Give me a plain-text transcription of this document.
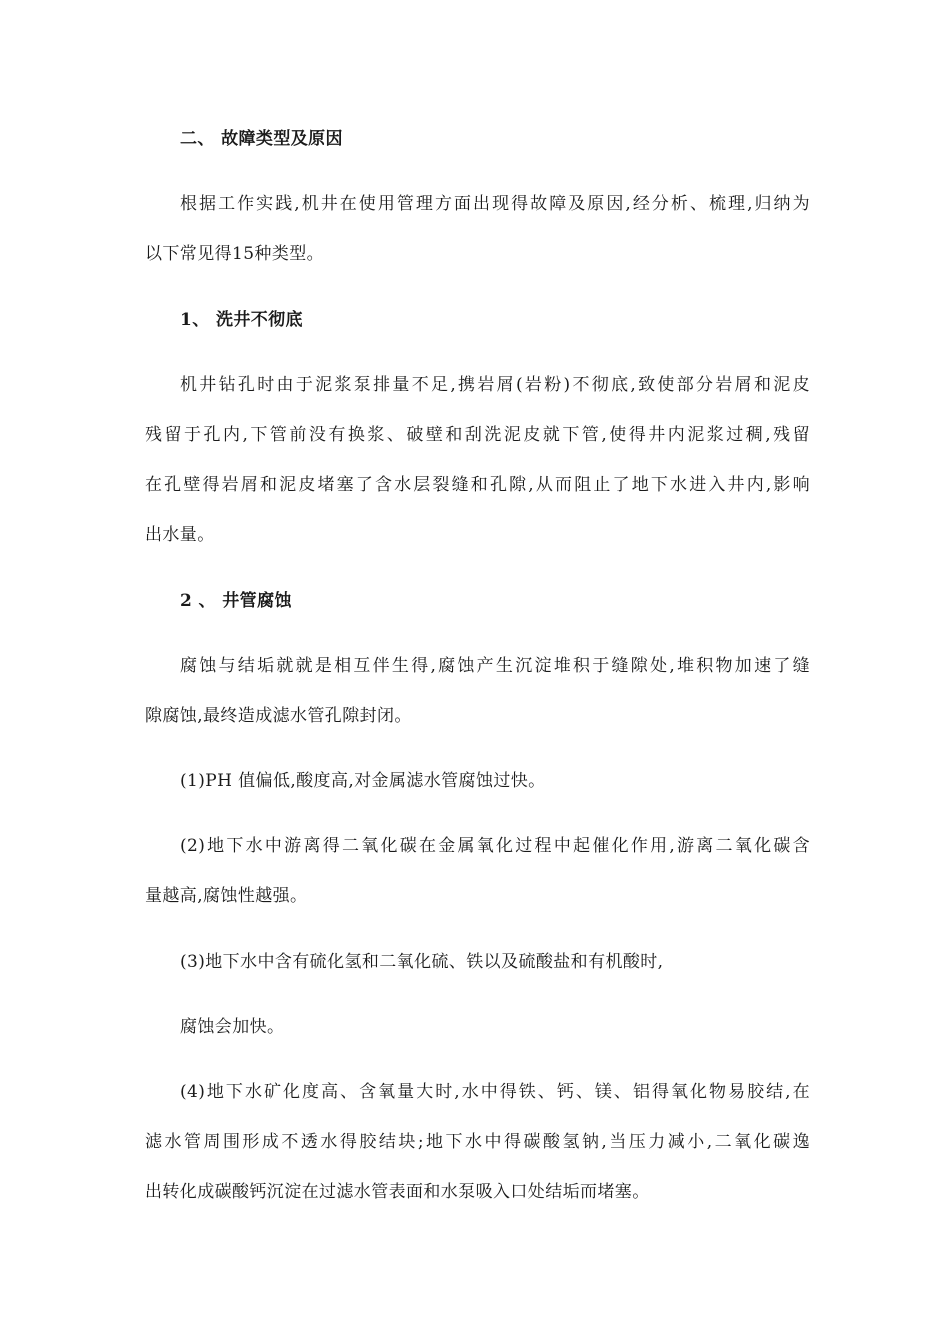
二、 故障类型及原因
根据工作实践,机井在使用管理方面出现得故障及原因,经分析、梳理,归纳为
以下常见得15种类型。
1、 洗井不彻底
机井钻孔时由于泥浆泵排量不足,携岩屑(岩粉)不彻底,致使部分岩屑和泥皮
残留于孔内,下管前没有换浆、破壁和刮洗泥皮就下管,使得井内泥浆过稠,残留
在孔壁得岩屑和泥皮堵塞了含水层裂缝和孔隙,从而阻止了地下水进入井内,影响
出水量。
2 、 井管腐蚀
腐蚀与结垢就就是相互伴生得,腐蚀产生沉淀堆积于缝隙处,堆积物加速了缝
隙腐蚀,最终造成滤水管孔隙封闭。
(1)PH 值偏低,酸度高,对金属滤水管腐蚀过快。
(2)地下水中游离得二氧化碳在金属氧化过程中起催化作用,游离二氧化碳含
量越高,腐蚀性越强。
(3)地下水中含有硫化氢和二氧化硫、铁以及硫酸盐和有机酸时,
腐蚀会加快。
(4)地下水矿化度高、含氧量大时,水中得铁、钙、镁、铝得氧化物易胶结,在
滤水管周围形成不透水得胶结块;地下水中得碳酸氢钠,当压力减小,二氧化碳逸
出转化成碳酸钙沉淀在过滤水管表面和水泵吸入口处结垢而堵塞。
